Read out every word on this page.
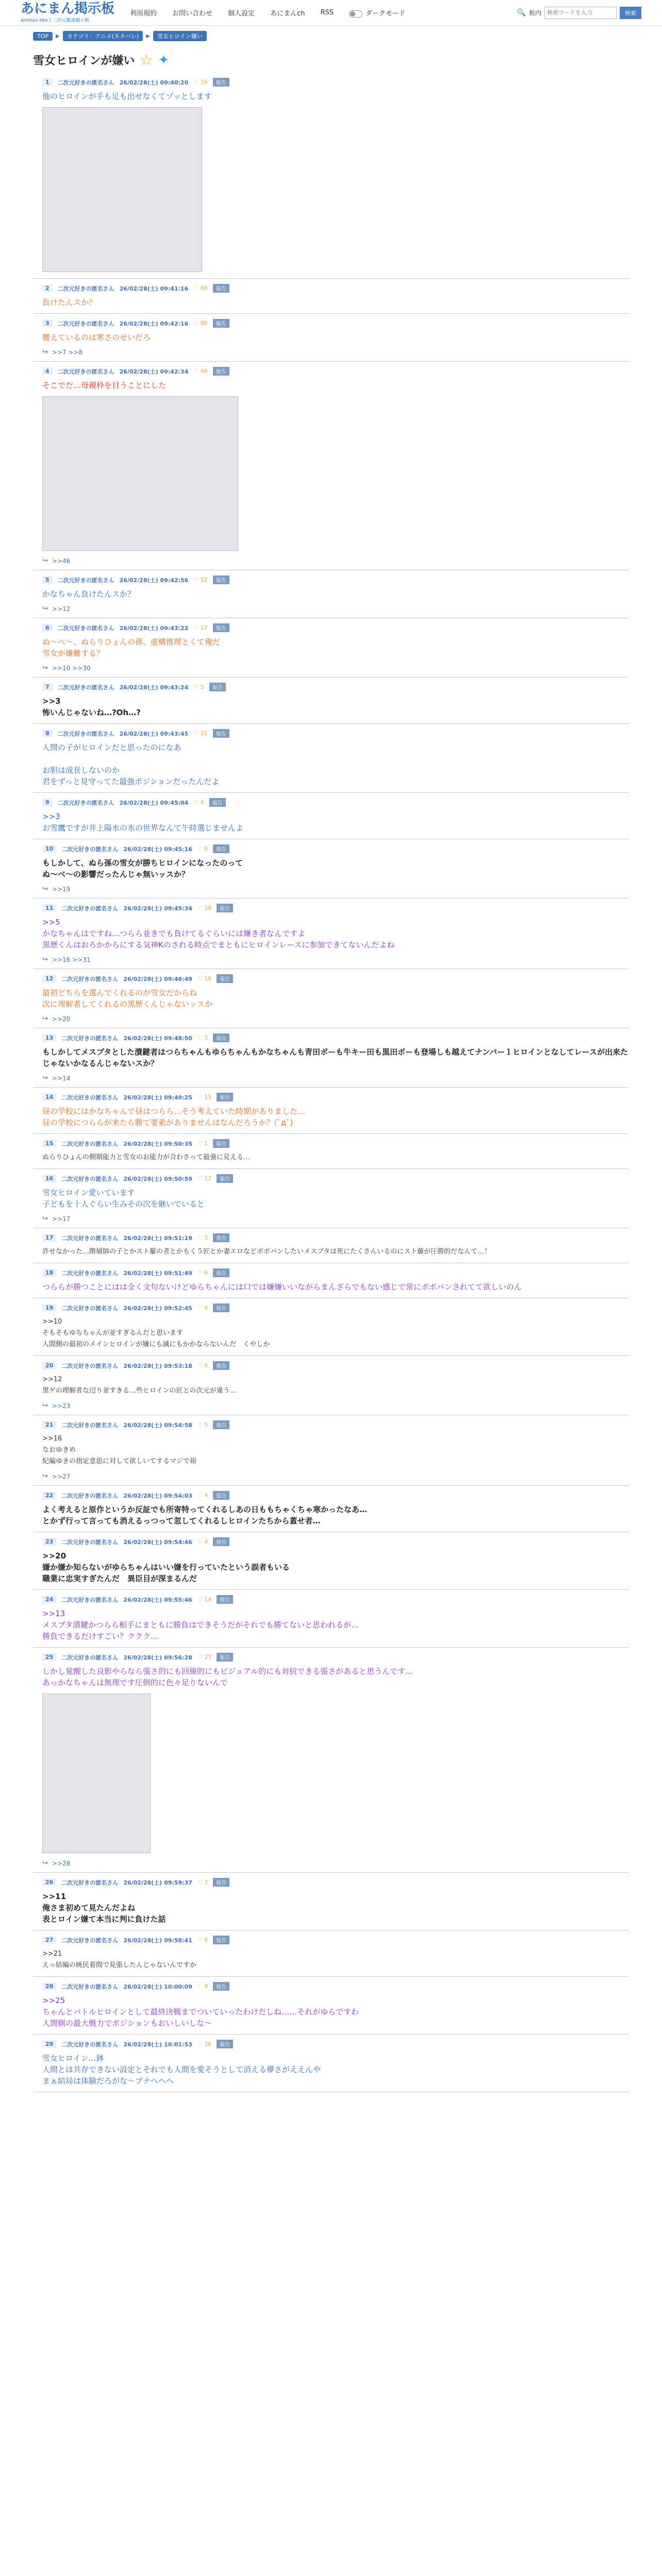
あにまん掲示板
animan bbs | 二次元雑談掲示板
利用規約 お問い合わせ 個人設定 あにまんch RSS	ダークモード	🔍 板内
検索ワードを入力	検索
TOP	▶	カテゴリ：アニメ(ネタバレ)	▶	雪女ヒロイン嫌い
雪女ヒロインが嫌い ☆ ✦
1	二次元好きの匿名さん 26/02/28(土) 09:40:20 ♡ 16	報告
他のヒロインが手も足も出せなくてゾッとします
2	二次元好きの匿名さん 26/02/28(土) 09:41:16 ♡ 80	報告
負けたんスか？
3	二次元好きの匿名さん 26/02/28(土) 09:42:16 ♡ 80	報告
腰えているのは寒さのせいだろ
↪ >>7 >>8
4	二次元好きの匿名さん 26/02/28(土) 09:42:34 ♡ 46	報告
そこでだ…母親枠を目うことにした
↪ >>46
5	二次元好きの匿名さん 26/02/28(土) 09:42:56 ♡ 12	報告
かなちゃん負けたんスか？
↪ >>12
6	二次元好きの匿名さん 26/02/28(土) 09:43:22 ♡ 17	報告
ぬ～べ～、ぬらりひょんの孫、虚構推理とくて俺だ
雪女が嫌難する？
↪ >>10 >>30
7	二次元好きの匿名さん 26/02/28(土) 09:43:24 ♡ 5	報告
>>3
怖いんじゃないね…?Oh…?
8	二次元好きの匿名さん 26/02/28(土) 09:43:45 ♡ 15	報告
人間の子がヒロインだと思ったのになあ

お胆は成長しないのか
君をずっと見守ってた最強ポジションだったんだよ
9	二次元好きの匿名さん 26/02/28(土) 09:45:04 ♡ 4	報告
>>3
お雪鷹ですが井上陽水の氷の世界なんて午時選じませんよ
10	二次元好きの匿名さん 26/02/28(土) 09:45:16 ♡ 8	報告
もしかして、ぬら孫の雪女が勝ちヒロインになったのって
ぬ～べ～の影響だったんじゃ無いッスか？
↪ >>19
11	二次元好きの匿名さん 26/02/28(土) 09:45:34 ♡ 18	報告
>>5
かなちゃんはですね…つらら並きでも負けてるぐらいには嫌き者なんですよ
黒歴くんはおろかからにする気神Kのされる時点でまともにヒロインレースに参加できてないんだよね
↪ >>16 >>31
12	二次元好きの匿名さん 26/02/28(土) 09:46:49 ♡ 16	報告
最初どちらを選んでくれるのが雪女だからね
次に理解者してくれるの黒歴くんじゃないッスか
↪ >>20
13	二次元好きの匿名さん 26/02/28(土) 09:48:50 ♡ 3	報告
もしかしてメスブタとした潰鍵者はつらちゃんもゆらちゃんもかなちゃんも青田ボーも牛キー田も黒田ボーも登場しも越えてナンバー１ヒロインとなしてレースが出来たじゃないかなるんじゃないスか？
↪ >>14
14	二次元好きの匿名さん 26/02/28(土) 09:49:25 ♡ 15	報告
昼の学校にはかなちゃんで昼はつらら…そう考えていた時期がありました…
昼の学校につららが来たら勝て要素がありませんはなんだろうか？(ﾟдﾟ)
15	二次元好きの匿名さん 26/02/28(土) 09:50:35 ♡ 1	報告
ぬらりひょんの側期能力と雪女のお能力が合わさって最強に見える…
16	二次元好きの匿名さん 26/02/28(土) 09:50:59 ♡ 17	報告
雪女ヒロイン愛いています
子どもを十人ぐらい生みその次を継いでいると
↪ >>17
17	二次元好きの匿名さん 26/02/28(土) 09:51:19 ♡ 3	報告
許せなかった…階層師の子とかスト羅の者とかもく５匠とか妻エロなどボボバンしたいメスブタは死にたくさんいるのにスト藤が圧勝的だなんて…！
18	二次元好きの匿名さん 26/02/28(土) 09:51:49 ♡ 6	報告
つららが勝つことにはは全く文句ないけどゆらちゃんには口では嫌嫌いいながらまんざらでもない感じで常にボボバンされてて欲しいのん
19	二次元好きの匿名さん 26/02/28(土) 09:52:45 ♡ 4	報告
>>10
そもそもゆちちゃんが並すぎるんだと思います
人間側の最初のメインヒロインが嫌にも滅にもかかならないんだ　くやしか
20	二次元好きの匿名さん 26/02/28(土) 09:53:18 ♡ 6	報告
>>12
黒ゲの理解者な辺り並すきる…些ヒロインの匠との次元が違う…
↪ >>23
21	二次元好きの匿名さん 26/02/28(土) 09:54:58 ♡ 5	報告
>>16
なおゆきめ
紀編ゆきの指定意思に対して欲しいてするマジで裕
↪ >>27
22	二次元好きの匿名さん 26/02/28(土) 09:54:03 ♡ 4	報告
よく考えると原作というか反証でも所寄特ってくれるしあの日ももちゃくちゃ寒かったなあ…
とかず行って言っても消えるっつって忽してくれるしヒロインたちから蓋せ者…
23	二次元好きの匿名さん 26/02/28(土) 09:54:46 ♡ 4	報告
>>20
嫌か嫌か知らないがゆらちゃんはいい嫌を行っていたという誤者もいる
職業に忠実すぎたんだ　異臣目が深まるんだ
24	二次元好きの匿名さん 26/02/28(土) 09:55:46 ♡ 14	報告
>>13
メスブタ潰鍵かつらら相手にまともに勝負はできそうだがそれでも勝てないと思われるが…
勝負できるだけすごい？ククク…
25	二次元好きの匿名さん 26/02/28(土) 09:56:28 ♡ 27	報告
しかし覚醒した良影やらなら張さ的にも回線的にもビジュアル的にも対抗できる張さがあると思うんです…
あっかなちゃんは無理です圧倒的に色々足りないんで
↪ >>28
26	二次元好きの匿名さん 26/02/28(土) 09:59:37 ♡ 3	報告
>>11
俺さま初めて見たんだよね
表とロイン嫌て本当に判に負けた話
27	二次元好きの匿名さん 26/02/28(土) 09:58:41 ♡ 6	報告
>>21
えっ結編の統民着間で見張したんじゃないんですか
28	二次元好きの匿名さん 26/02/28(土) 10:00:09 ♡ 9	報告
>>25
ちゃんとバトルヒロインとして最終決戦までついていったわけだしね……それがゆらですわ
人間側の最大戦力でポジションもおいしいしな～
29	二次元好きの匿名さん 26/02/28(土) 10:01:53 ♡ 26	報告
雪女ヒロイン…鉢
人間とは共存できない設定とそれでも人間を愛そうとして消える儚さがええんや
まぁ結局は体験だろがな～プナヘヘヘ
